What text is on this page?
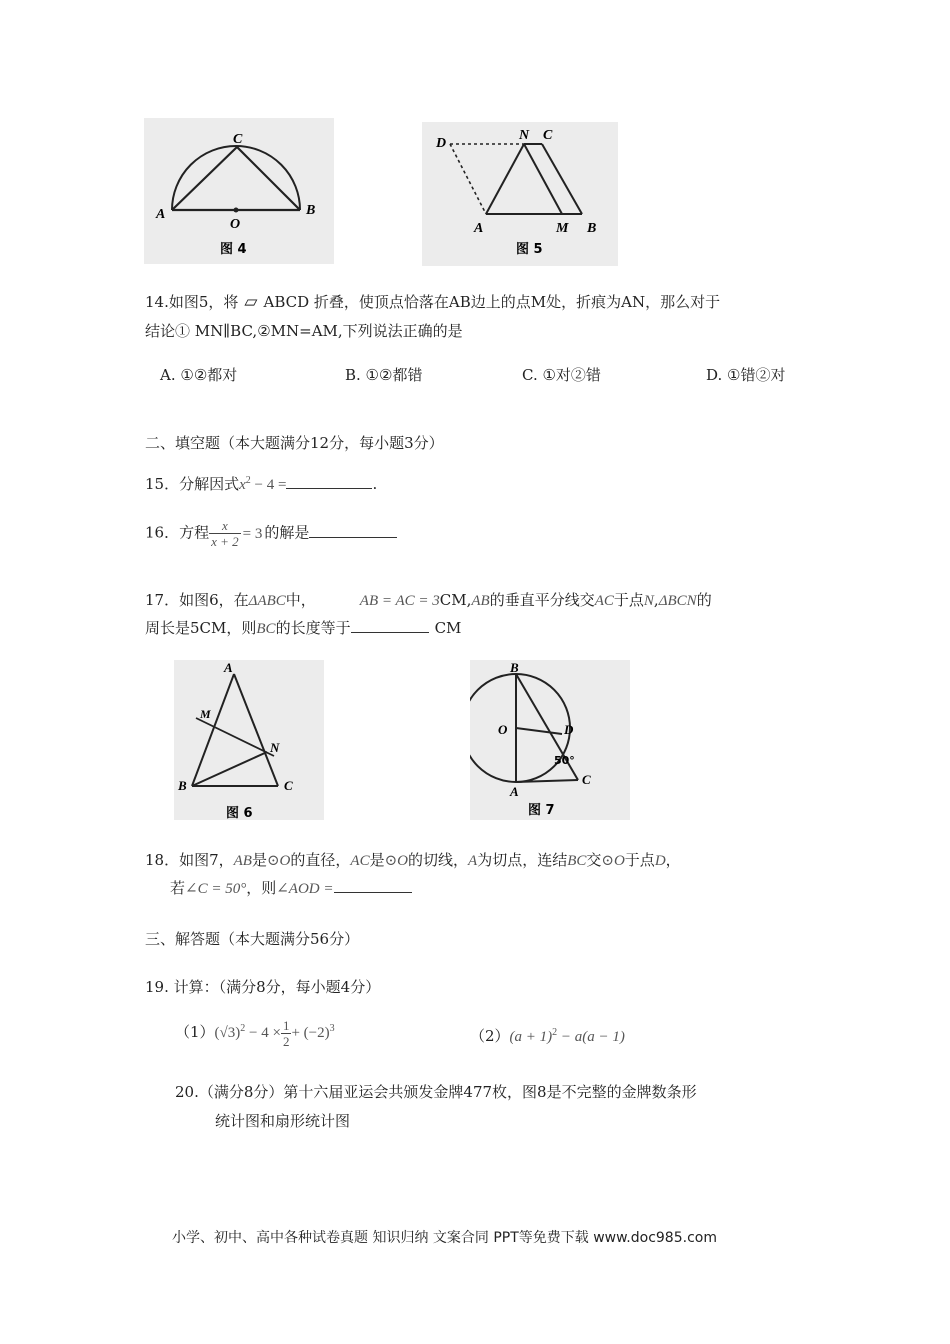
C
A
O
B
图 4
D
N C
A	M B
图 5
14.如图5，将 ▱ ABCD 折叠，使顶点恰落在AB边上的点M处，折痕为AN，那么对于
结论① MN∥BC,②MN=AM,下列说法正确的是
A. ①②都对	B. ①②都错	C. ①对②错	D. ①错②对
二、填空题（本大题满分12分，每小题3分）
15．分解因式$x^2 - 4$ =	.
16．方程 $\frac{x}{x + 2} = 3$ 的解是
17．如图6，在ΔABC中，	AB = AC = 3CM,AB的垂直平分线交AC于点N,ΔBCN的
周长是5CM，则BC的长度等于	CM
A
M
N
B	C
图 6
B
O	D
50°
A
C
图 7
18．如图7，AB是⊙O的直径，AC是⊙O的切线，A为切点，连结BC交⊙O于点D，
若∠C = 50°，则∠AOD =
三、解答题（本大题满分56分）
19. 计算：（满分8分，每小题4分）
$(1)(√3)^2 - 4 \times \frac{1}{2} + (-2)^3$	$(2)(a + 1)^2 - a(a - 1)$
20.（满分8分）第十六届亚运会共颁发金牌477枚，图8是不完整的金牌数条形
统计图和扇形统计图
小学、初中、高中各种试卷真题 知识归纳 文案合同 PPT等免费下载 www.doc985.com
